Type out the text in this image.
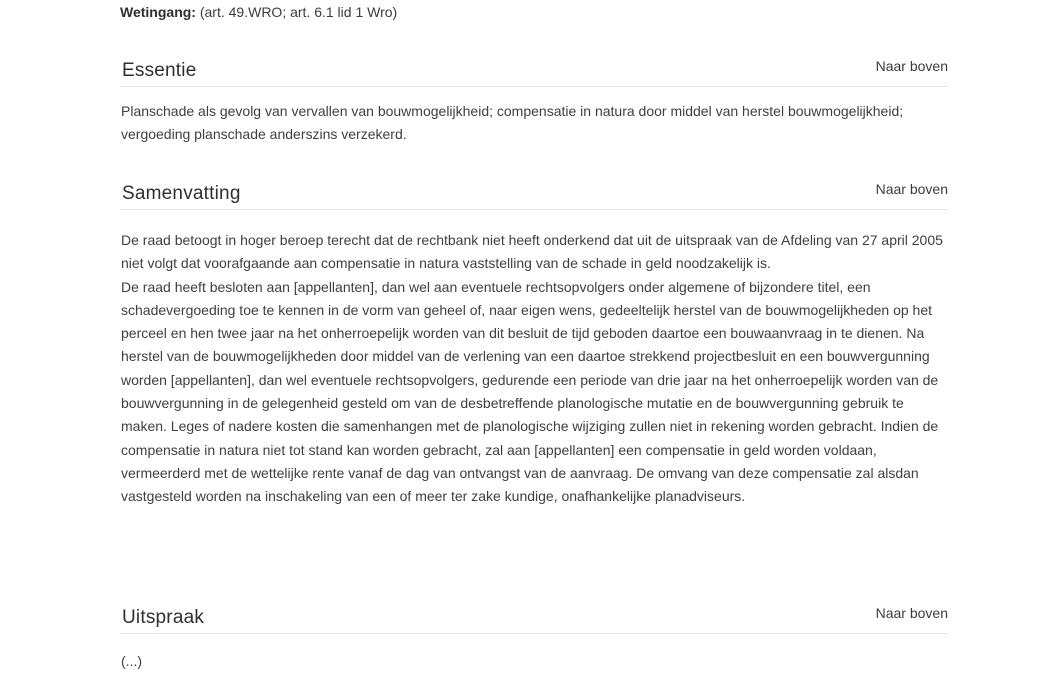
Wetingang: (art. 49.WRO; art. 6.1 lid 1 Wro)
Essentie	Naar boven

Planschade als gevolg van vervallen van bouwmogelijkheid; compensatie in natura door middel van herstel bouwmogelijkheid; vergoeding planschade anderszins verzekerd.

Samenvatting	Naar boven

De raad betoogt in hoger beroep terecht dat de rechtbank niet heeft onderkend dat uit de uitspraak van de Afdeling van 27 april 2005 niet volgt dat voorafgaande aan compensatie in natura vaststelling van de schade in geld noodzakelijk is.

De raad heeft besloten aan [appellanten], dan wel aan eventuele rechtsopvolgers onder algemene of bijzondere titel, een schadevergoeding toe te kennen in de vorm van geheel of, naar eigen wens, gedeeltelijk herstel van de bouwmogelijkheden op het perceel en hen twee jaar na het onherroepelijk worden van dit besluit de tijd geboden daartoe een bouwaanvraag in te dienen. Na herstel van de bouwmogelijkheden door middel van de verlening van een daartoe strekkend projectbesluit en een bouwvergunning worden [appellanten], dan wel eventuele rechtsopvolgers, gedurende een periode van drie jaar na het onherroepelijk worden van de bouwvergunning in de gelegenheid gesteld om van de desbetreffende planologische mutatie en de bouwvergunning gebruik te maken. Leges of nadere kosten die samenhangen met de planologische wijziging zullen niet in rekening worden gebracht. Indien de compensatie in natura niet tot stand kan worden gebracht, zal aan [appellanten] een compensatie in geld worden voldaan, vermeerderd met de wettelijke rente vanaf de dag van ontvangst van de aanvraag. De omvang van deze compensatie zal alsdan vastgesteld worden na inschakeling van een of meer ter zake kundige, onafhankelijke planadviseurs.

Uitspraak	Naar boven

(...)
